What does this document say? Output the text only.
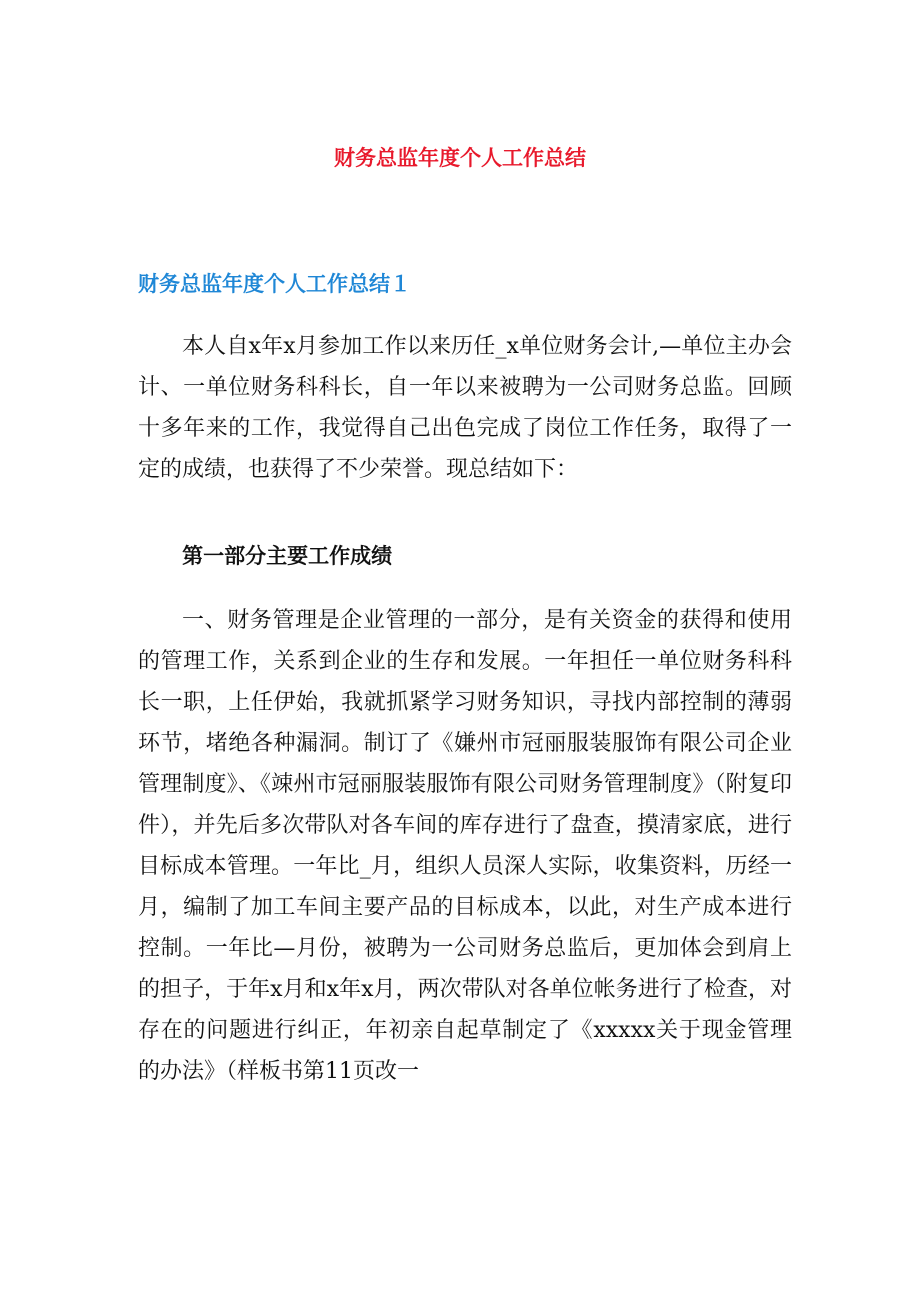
财务总监年度个人工作总结
财务总监年度个人工作总结１

本人自x年x月参加工作以来历任_x单位财务会计,—单位主办会计、一单位财务科科长，自一年以来被聘为一公司财务总监。回顾十多年来的工作，我觉得自己出色完成了岗位工作任务，取得了一定的成绩，也获得了不少荣誉。现总结如下：

第一部分主要工作成绩

一、财务管理是企业管理的一部分，是有关资金的获得和使用的管理工作，关系到企业的生存和发展。一年担任一单位财务科科长一职，上任伊始，我就抓紧学习财务知识，寻找内部控制的薄弱环节，堵绝各种漏洞。制订了《嫌州市冠丽服装服饰有限公司企业管理制度》、《竦州市冠丽服装服饰有限公司财务管理制度》（附复印件），并先后多次带队对各车间的库存进行了盘查，摸清家底，进行目标成本管理。一年比_月，组织人员深人实际，收集资料，历经一月，编制了加工车间主要产品的目标成本，以此，对生产成本进行控制。一年比—月份，被聘为一公司财务总监后，更加体会到肩上的担子，于年x月和x年x月，两次带队对各单位帐务进行了检查，对存在的问题进行纠正，年初亲自起草制定了《xxxxx关于现金管理的办法》（样板书第11页改一
